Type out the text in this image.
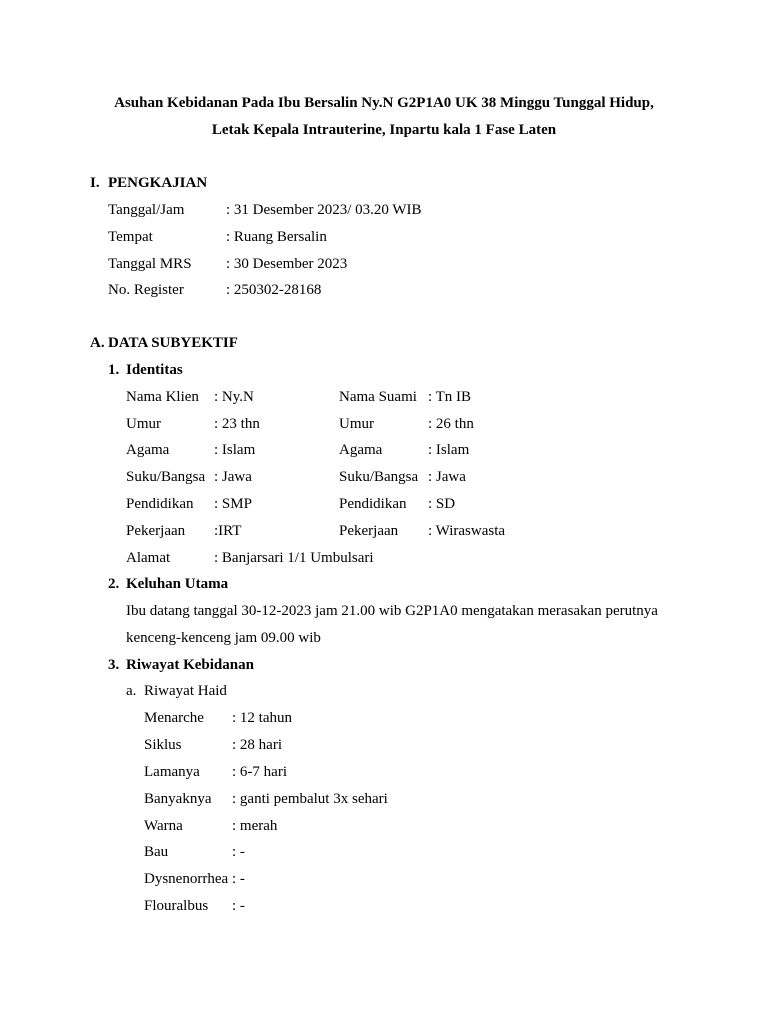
Asuhan Kebidanan Pada Ibu Bersalin Ny.N G2P1A0 UK 38 Minggu Tunggal Hidup,
Letak Kepala Intrauterine, Inpartu kala 1 Fase Laten
I. PENGKAJIAN
Tanggal/Jam	: 31 Desember 2023/ 03.20 WIB
Tempat	: Ruang Bersalin
Tanggal MRS : 30 Desember 2023
No. Register	: 250302-28168
A. DATA SUBYEKTIF
1. Identitas
Nama Klien : Ny.N	Nama Suami : Tn IB
Umur	: 23 thn	Umur	: 26 thn
Agama	: Islam	Agama	: Islam
Suku/Bangsa : Jawa	Suku/Bangsa : Jawa
Pendidikan : SMP	Pendidikan : SD
Pekerjaan :IRT	Pekerjaan : Wiraswasta
Alamat	: Banjarsari 1/1 Umbulsari
2. Keluhan Utama
Ibu datang tanggal 30-12-2023 jam 21.00 wib G2P1A0 mengatakan merasakan perutnya
kenceng-kenceng jam 09.00 wib
3. Riwayat Kebidanan
a. Riwayat Haid
Menarche : 12 tahun
Siklus	: 28 hari
Lamanya : 6-7 hari
Banyaknya : ganti pembalut 3x sehari
Warna	: merah
Bau	: -
Dysnenorrhea : -
Flouralbus : -
